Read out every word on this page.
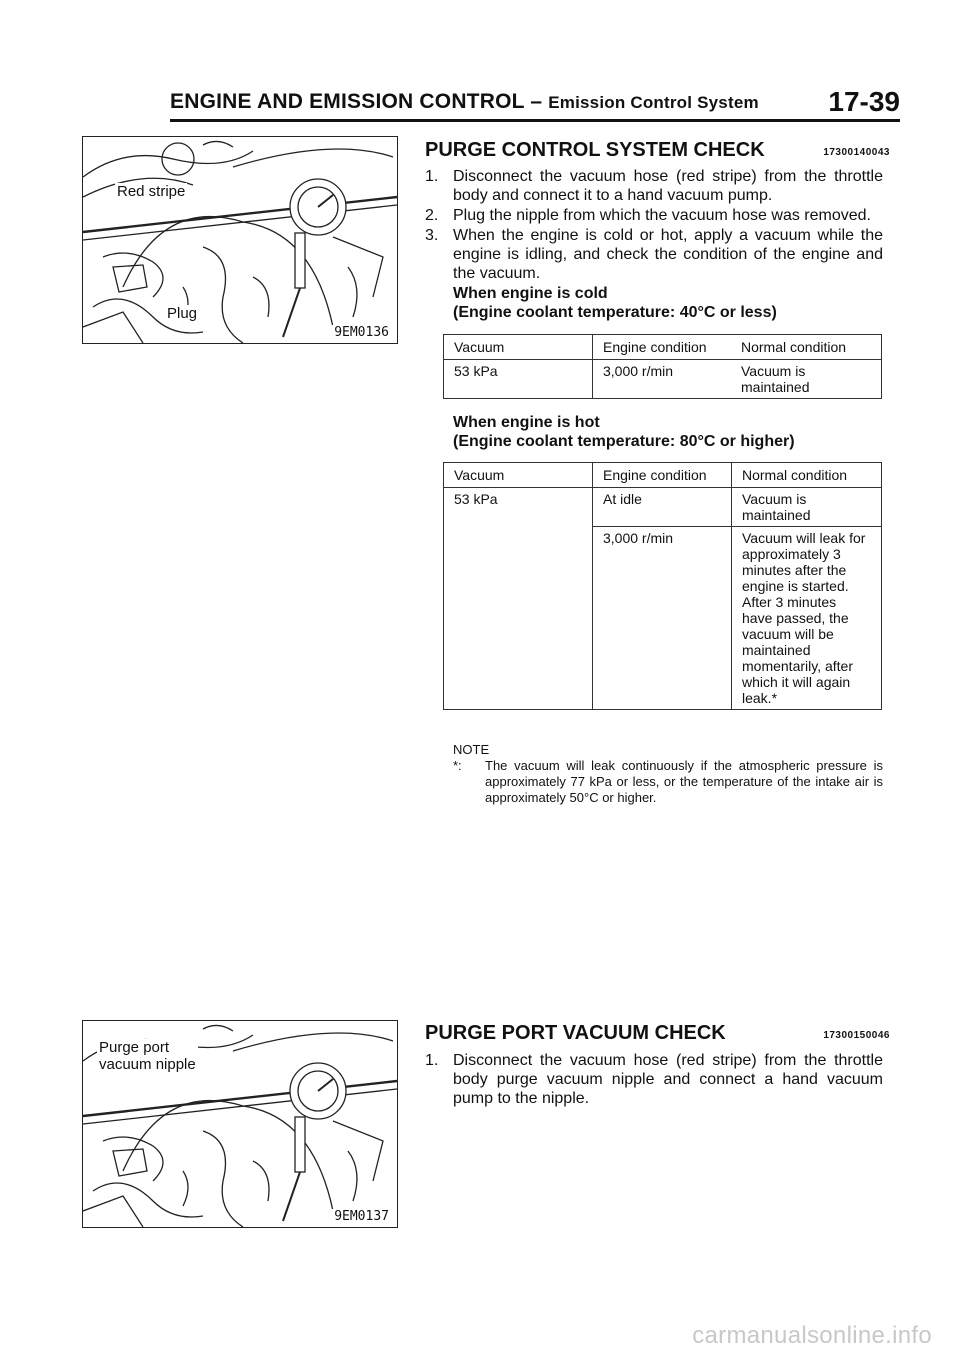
ENGINE AND EMISSION CONTROL – Emission Control System 17-39
Red stripe
Plug
9EM0136
PURGE CONTROL SYSTEM CHECK	17300140043
1. Disconnect the vacuum hose (red stripe) from the throttle body and connect it to a hand vacuum pump.
2. Plug the nipple from which the vacuum hose was removed.
3. When the engine is cold or hot, apply a vacuum while the engine is idling, and check the condition of the engine and the vacuum.
When engine is cold
(Engine coolant temperature: 40°C or less)
Vacuum	Engine condition	Normal condition
53 kPa	3,000 r/min	Vacuum is maintained
When engine is hot
(Engine coolant temperature: 80°C or higher)
Vacuum	Engine condition	Normal condition
53 kPa	At idle	Vacuum is maintained
	3,000 r/min	Vacuum will leak for approximately 3 minutes after the engine is started. After 3 minutes have passed, the vacuum will be maintained momentarily, after which it will again leak.*
NOTE
*: The vacuum will leak continuously if the atmospheric pressure is approximately 77 kPa or less, or the temperature of the intake air is approximately 50°C or higher.
Purge port
vacuum nipple
9EM0137
PURGE PORT VACUUM CHECK	17300150046
1. Disconnect the vacuum hose (red stripe) from the throttle body purge vacuum nipple and connect a hand vacuum pump to the nipple.
carmanualsonline.info
